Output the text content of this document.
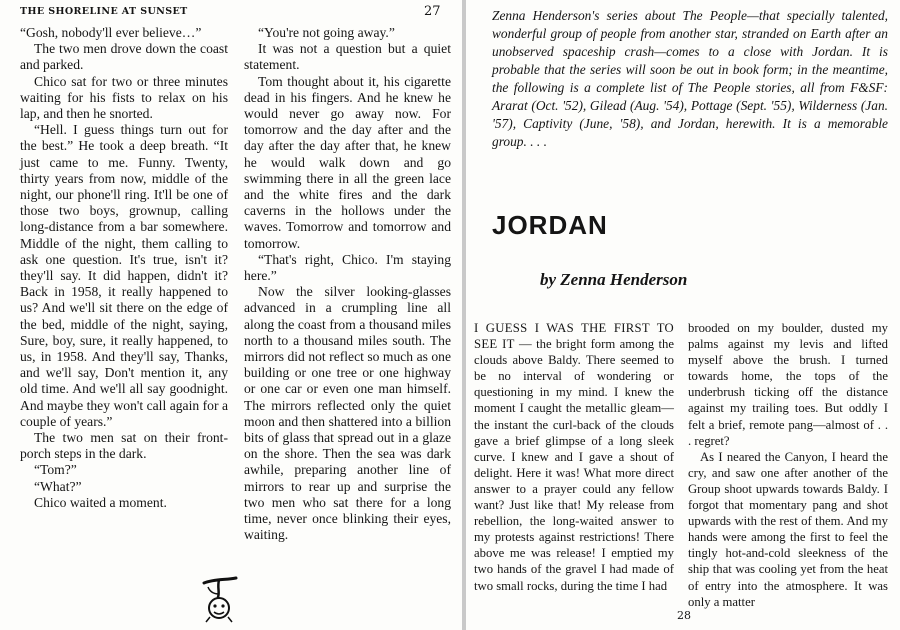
THE SHORELINE AT SUNSET	27

“Gosh, nobody'll ever believe…”

The two men drove down the coast and parked.

Chico sat for two or three minutes waiting for his fists to relax on his lap, and then he snorted.

“Hell. I guess things turn out for the best.” He took a deep breath. “It just came to me. Funny. Twenty, thirty years from now, middle of the night, our phone'll ring. It'll be one of those two boys, grownup, calling long-distance from a bar somewhere. Middle of the night, them calling to ask one question. It's true, isn't it? they'll say. It did happen, didn't it? Back in 1958, it really happened to us? And we'll sit there on the edge of the bed, middle of the night, saying, Sure, boy, sure, it really happened, to us, in 1958. And they'll say, Thanks, and we'll say, Don't mention it, any old time. And we'll all say goodnight. And maybe they won't call again for a couple of years.”

The two men sat on their front-porch steps in the dark.

“Tom?”

“What?”

Chico waited a moment.

“You're not going away.”

It was not a question but a quiet statement.

Tom thought about it, his cigarette dead in his fingers. And he knew he would never go away now. For tomorrow and the day after and the day after the day after that, he knew he would walk down and go swimming there in all the green lace and the white fires and the dark caverns in the hollows under the waves. Tomorrow and tomorrow and tomorrow.

“That's right, Chico. I'm staying here.”

Now the silver looking-glasses advanced in a crumpling line all along the coast from a thousand miles north to a thousand miles south. The mirrors did not reflect so much as one building or one tree or one highway or one car or even one man himself. The mirrors reflected only the quiet moon and then shattered into a billion bits of glass that spread out in a glaze on the shore. Then the sea was dark awhile, preparing another line of mirrors to rear up and surprise the two men who sat there for a long time, never once blinking their eyes, waiting.

Zenna Henderson's series about The People—that specially talented, wonderful group of people from another star, stranded on Earth after an unobserved spaceship crash—comes to a close with Jordan. It is probable that the series will soon be out in book form; in the meantime, the following is a complete list of The People stories, all from F&SF: Ararat (Oct. '52), Gilead (Aug. '54), Pottage (Sept. '55), Wilderness (Jan. '57), Captivity (June, '58), and Jordan, herewith. It is a memorable group. . . .
JORDAN
by Zenna Henderson

I GUESS I WAS THE FIRST TO SEE IT — the bright form among the clouds above Baldy. There seemed to be no interval of wondering or questioning in my mind. I knew the moment I caught the metallic gleam—the instant the curl-back of the clouds gave a brief glimpse of a long sleek curve. I knew and I gave a shout of delight. Here it was! What more direct answer to a prayer could any fellow want? Just like that! My release from rebellion, the long-waited answer to my protests against restrictions! There above me was release! I emptied my two hands of the gravel I had made of two small rocks, during the time I had

brooded on my boulder, dusted my palms against my levis and lifted myself above the brush. I turned towards home, the tops of the underbrush ticking off the distance against my trailing toes. But oddly I felt a brief, remote pang—almost of . . . regret?

As I neared the Canyon, I heard the cry, and saw one after another of the Group shoot upwards towards Baldy. I forgot that momentary pang and shot upwards with the rest of them. And my hands were among the first to feel the tingly hot-and-cold sleekness of the ship that was cooling yet from the heat of entry into the atmosphere. It was only a matter

28
